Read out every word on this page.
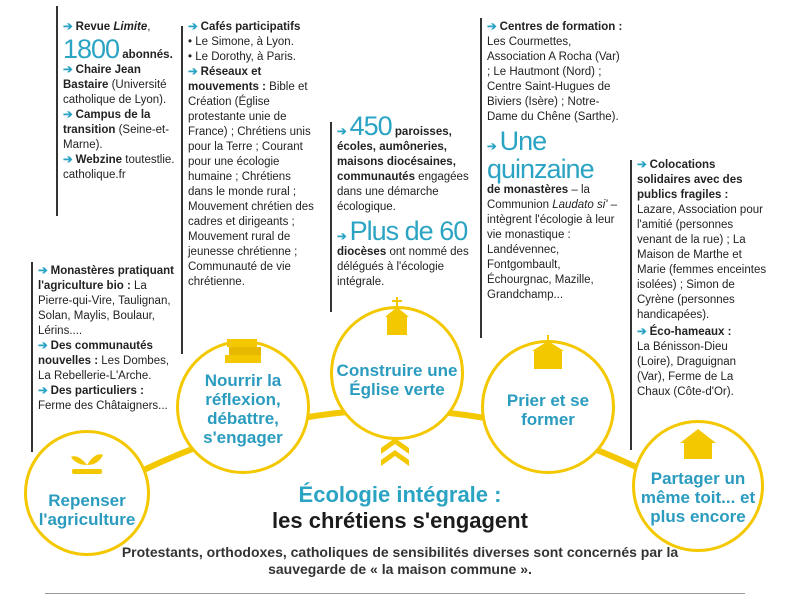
➔ Revue Limite,
1800 abonnés.
➔ Chaire Jean Bastaire (Université catholique de Lyon).
➔ Campus de la transition (Seine-et-Marne).
➔ Webzine toutestlie. catholique.fr
➔ Cafés participatifs
• Le Simone, à Lyon.
• Le Dorothy, à Paris.
➔ Réseaux et mouvements : Bible et Création (Église protestante unie de France) ; Chrétiens unis pour la Terre ; Courant pour une écologie humaine ; Chrétiens dans le monde rural ; Mouvement chrétien des cadres et dirigeants ; Mouvement rural de jeunesse chrétienne ; Communauté de vie chrétienne.
➔ 450 paroisses, écoles, aumôneries, maisons diocésaines, communautés engagées dans une démarche écologique.
➔ Plus de 60
diocèses ont nommé des délégués à l'écologie intégrale.
➔ Centres de formation :
Les Courmettes, Association A Rocha (Var) ; Le Hautmont (Nord) ; Centre Saint-Hugues de Biviers (Isère) ; Notre-Dame du Chêne (Sarthe).
➔ Une quinzaine
de monastères – la Communion Laudato si' – intègrent l'écologie à leur vie monastique : Landévennec, Fontgombault, Échourgnac, Mazille, Grandchamp...
➔ Colocations solidaires avec des publics fragiles :
Lazare, Association pour l'amitié (personnes venant de la rue) ; La Maison de Marthe et Marie (femmes enceintes isolées) ; Simon de Cyrène (personnes handicapées).
➔ Éco-hameaux :
La Bénisson-Dieu (Loire), Draguignan (Var), Ferme de La Chaux (Côte-d'Or).
➔ Monastères pratiquant l'agriculture bio : La Pierre-qui-Vire, Taulignan, Solan, Maylis, Boulaur, Lérins....
➔ Des communautés nouvelles : Les Dombes, La Rebellerie-L'Arche.
➔ Des particuliers :
Ferme des Châtaigners...
Repenser l'agriculture
Nourrir la réflexion, débattre, s'engager
Construire une Église verte
Prier et se former
Partager un même toit... et plus encore
Écologie intégrale :
les chrétiens s'engagent
Protestants, orthodoxes, catholiques de sensibilités diverses sont concernés par la sauvegarde de « la maison commune ».
